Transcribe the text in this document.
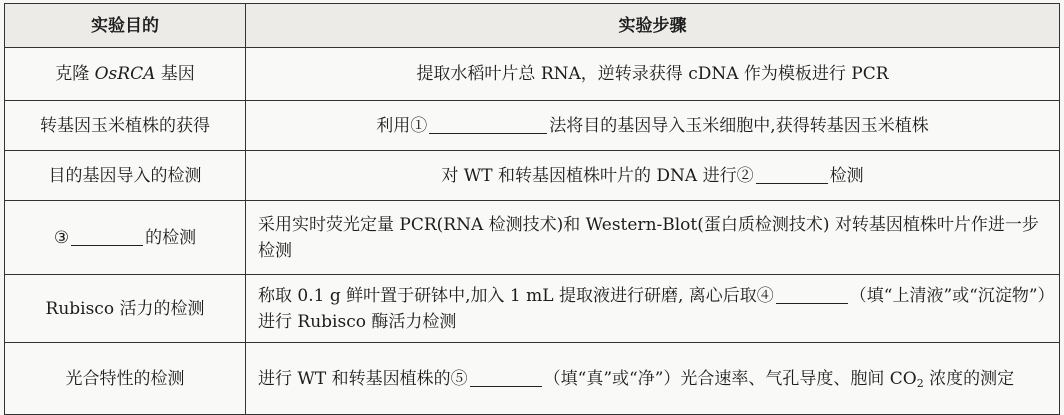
实验目的	实验步骤
克隆 OsRCA 基因	提取水稻叶片总 RNA，逆转录获得 cDNA 作为模板进行 PCR
转基因玉米植株的获得	利用① 法将目的基因导入玉米细胞中,获得转基因玉米植株
目的基因导入的检测	对 WT 和转基因植株叶片的 DNA 进行② 检测
③ 的检测	采用实时荧光定量 PCR(RNA 检测技术)和 Western-Blot(蛋白质检测技术) 对转基因植株叶片作进一步检测
Rubisco 活力的检测	称取 0.1 g 鲜叶置于研钵中,加入 1 mL 提取液进行研磨, 离心后取④ （填“上清液”或“沉淀物”）进行 Rubisco 酶活力检测
光合特性的检测	进行 WT 和转基因植株的⑤ （填“真”或“净”）光合速率、气孔导度、胞间 $CO_2$ 浓度的测定
